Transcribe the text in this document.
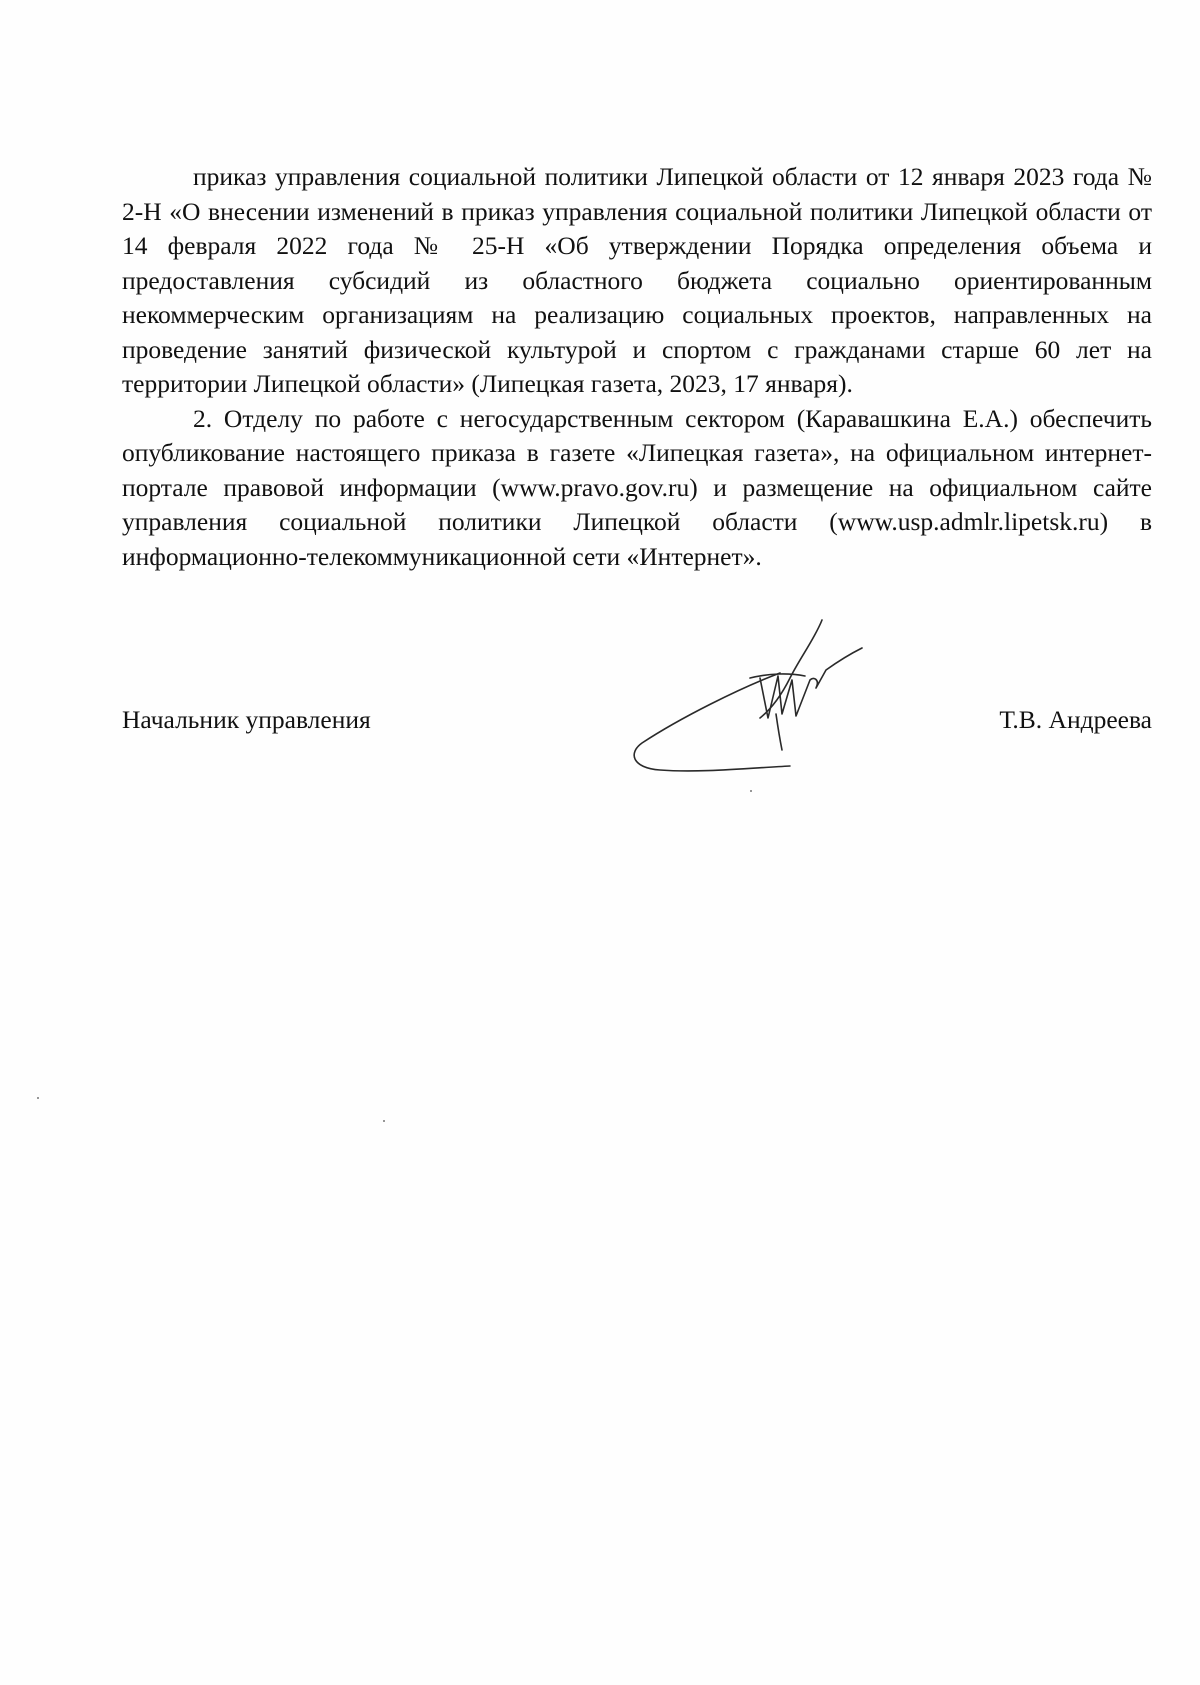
приказ управления социальной политики Липецкой области от 12 января 2023 года № 2-Н «О внесении изменений в приказ управления социальной политики Липецкой области от 14 февраля 2022 года № 25-Н «Об утверждении Порядка определения объема и предоставления субсидий из областного бюджета социально ориентированным некоммерческим организациям на реализацию социальных проектов, направленных на проведение занятий физической культурой и спортом с гражданами старше 60 лет на территории Липецкой области» (Липецкая газета, 2023, 17 января).

2. Отделу по работе с негосударственным сектором (Каравашкина Е.А.) обеспечить опубликование настоящего приказа в газете «Липецкая газета», на официальном интернет-портале правовой информации (www.pravo.gov.ru) и размещение на официальном сайте управления социальной политики Липецкой области (www.usp.admlr.lipetsk.ru) в информационно-телекоммуникационной сети «Интернет».

Начальник управления	Т.В. Андреева
